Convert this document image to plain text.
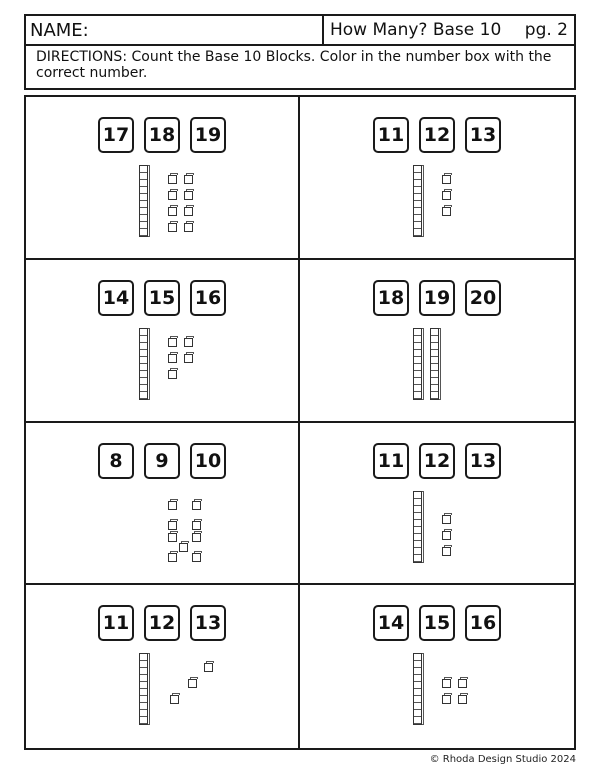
NAME:	How Many? Base 10 pg. 2
DIRECTIONS: Count the Base 10 Blocks. Color in the number box with the correct number.
17 18 19	11 12 13
14 15 16	18 19 20
8	9	10	11 12 13
11 12 13	14 15 16
© Rhoda Design Studio 2024
